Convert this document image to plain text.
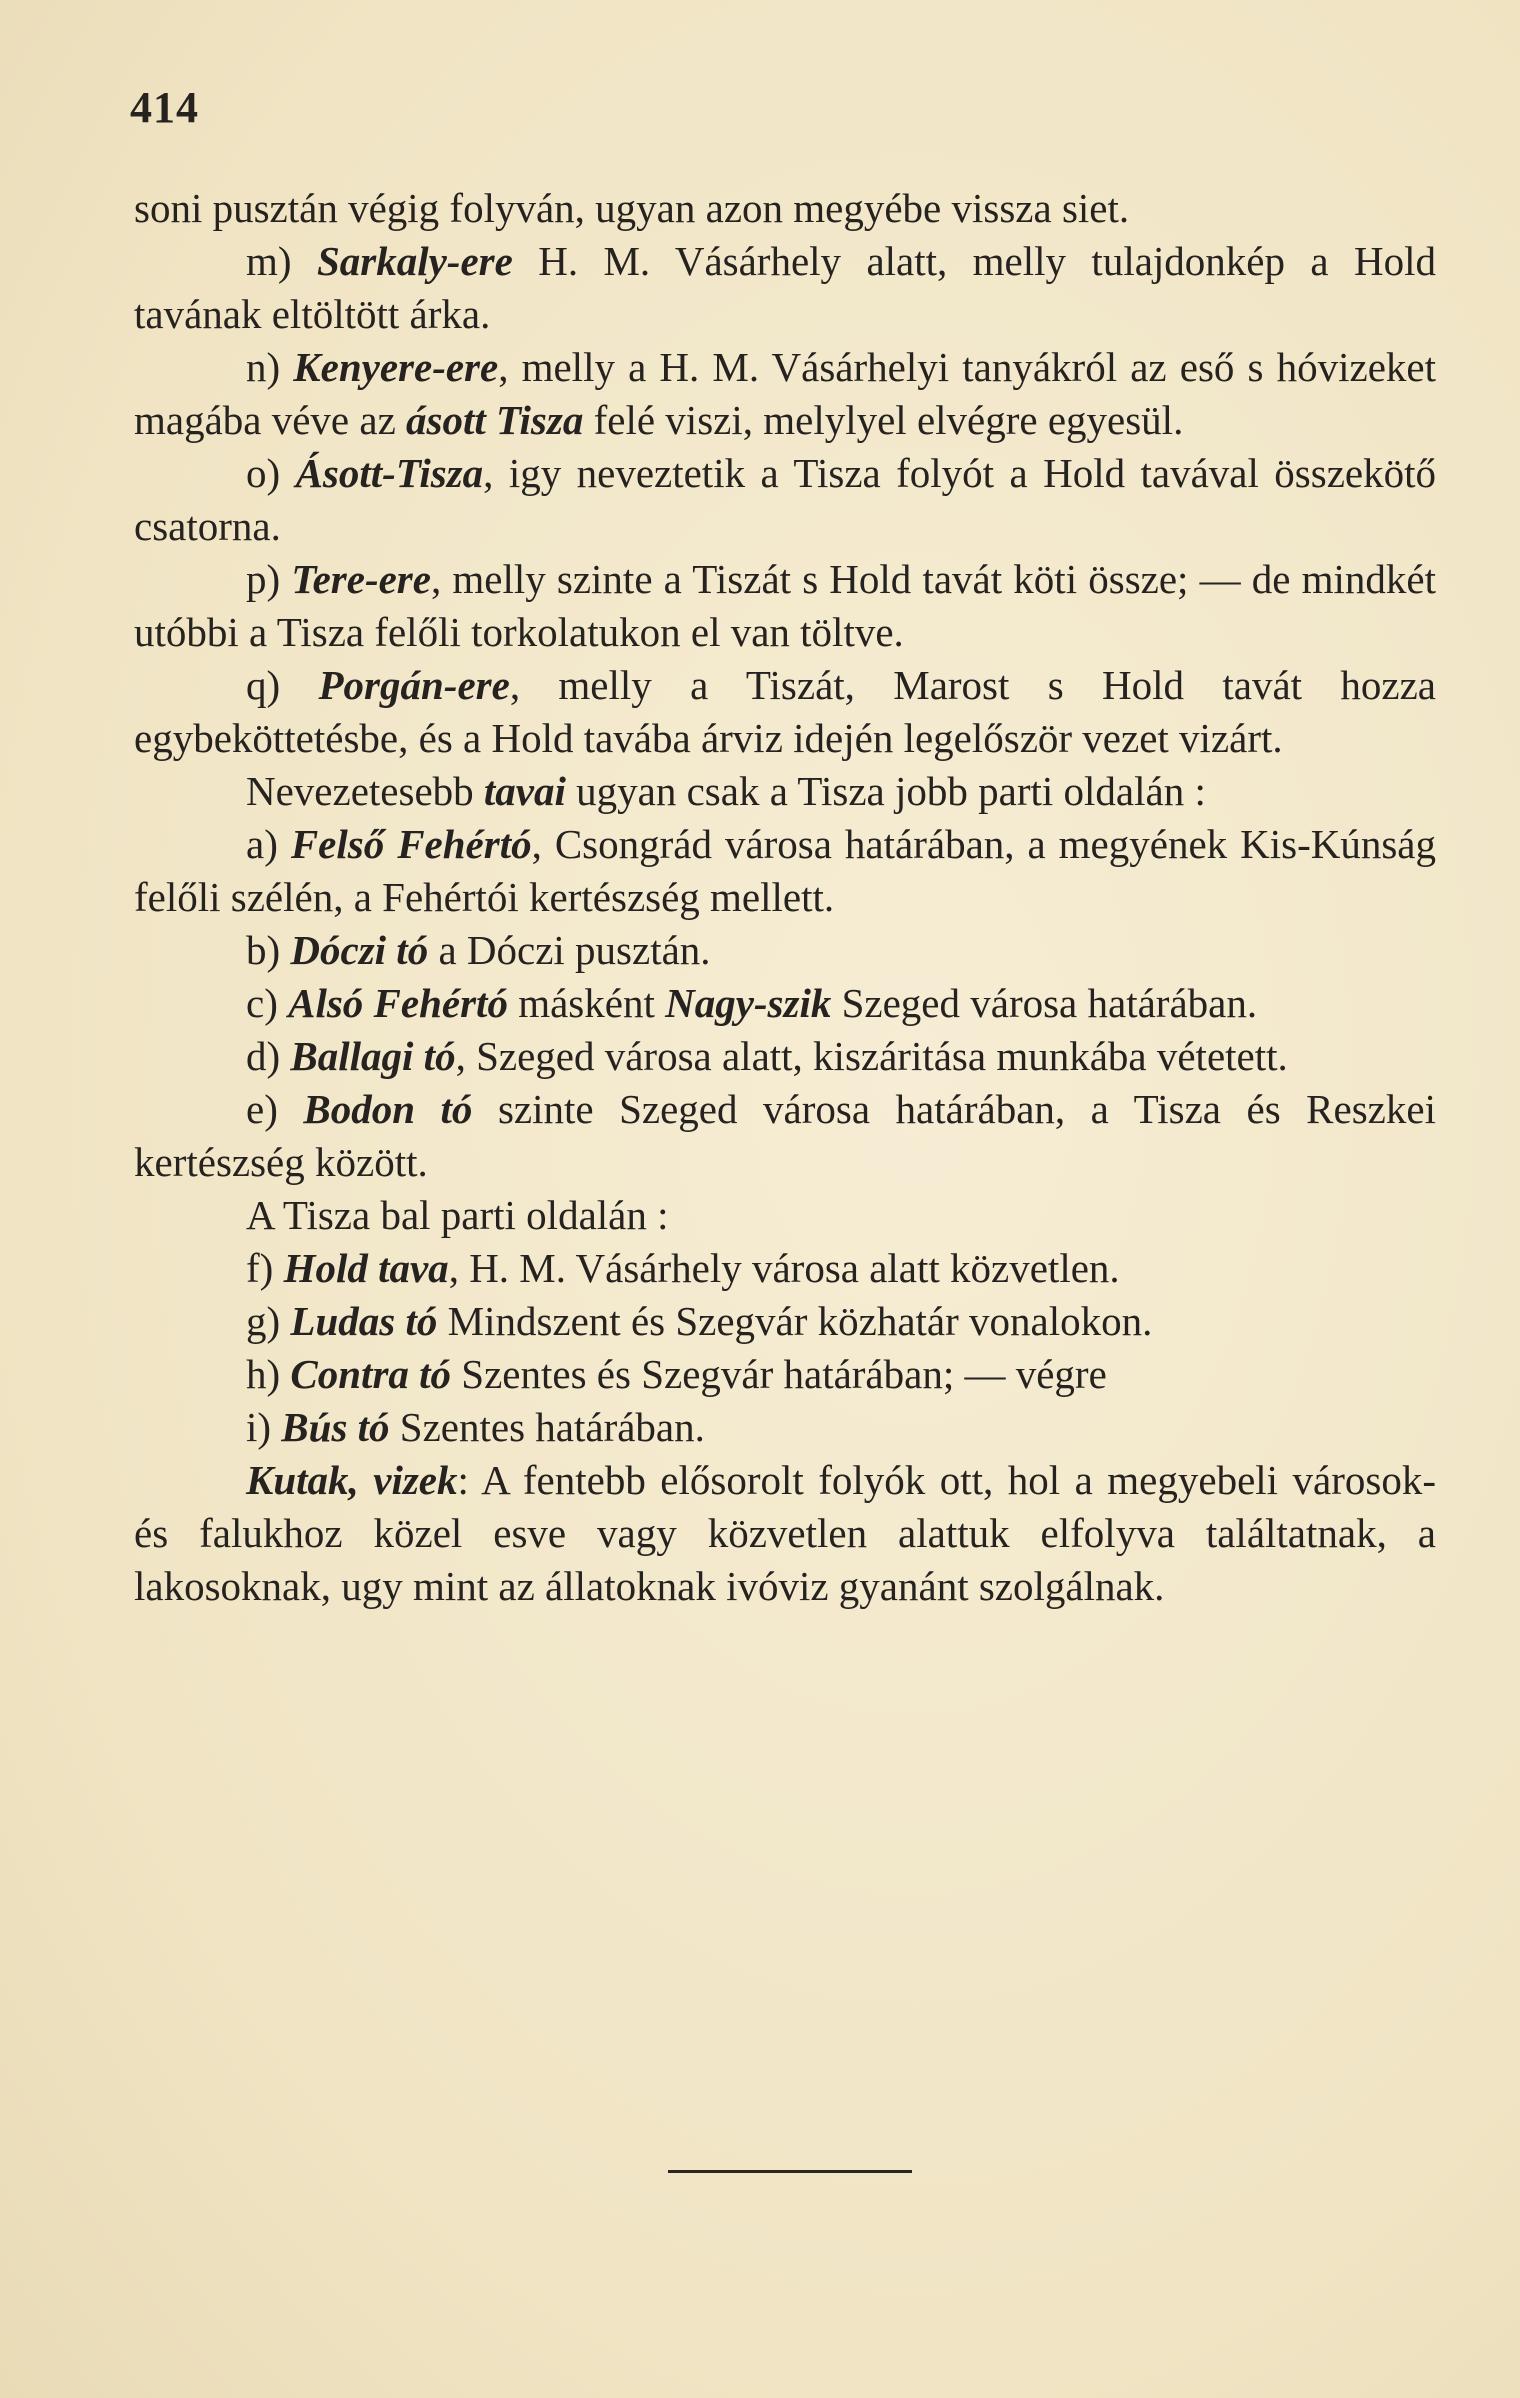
414

soni pusztán végig folyván, ugyan azon megyébe vissza siet.

m) Sarkaly-ere H. M. Vásárhely alatt, melly tulajdonkép a Hold tavának eltöltött árka.

n) Kenyere-ere, melly a H. M. Vásárhelyi tanyákról az eső s hóvizeket magába véve az ásott Tisza felé viszi, melylyel elvégre egyesül.

o) Ásott-Tisza, igy neveztetik a Tisza folyót a Hold tavával összekötő csatorna.

p) Tere-ere, melly szinte a Tiszát s Hold tavát köti össze; — de mindkét utóbbi a Tisza felőli torkolatukon el van töltve.

q) Porgán-ere, melly a Tiszát, Marost s Hold tavát hozza egybeköttetésbe, és a Hold tavába árviz idején legelőször vezet vizárt.

Nevezetesebb tavai ugyan csak a Tisza jobb parti oldalán :

a) Felső Fehértó, Csongrád városa határában, a megyének Kis-Kúnság felőli szélén, a Fehértói kertészség mellett.

b) Dóczi tó a Dóczi pusztán.

c) Alsó Fehértó másként Nagy-szik Szeged városa határában.

d) Ballagi tó, Szeged városa alatt, kiszáritása munkába vétetett.

e) Bodon tó szinte Szeged városa határában, a Tisza és Reszkei kertészség között.

A Tisza bal parti oldalán :

f) Hold tava, H. M. Vásárhely városa alatt közvetlen.

g) Ludas tó Mindszent és Szegvár közhatár vonalokon.

h) Contra tó Szentes és Szegvár határában; — végre

i) Bús tó Szentes határában.

Kutak, vizek: A fentebb elősorolt folyók ott, hol a megyebeli városok- és falukhoz közel esve vagy közvetlen alattuk elfolyva találtatnak, a lakosoknak, ugy mint az állatoknak ivóviz gyanánt szolgálnak.
